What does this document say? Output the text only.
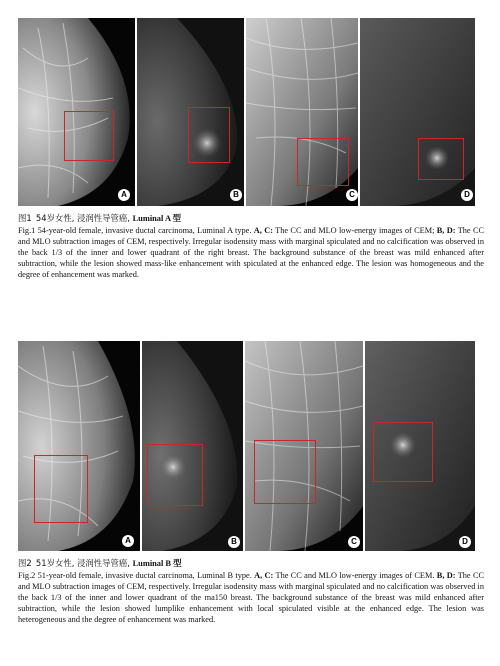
A	B	C	D
图1 54岁女性, 浸润性导管癌, Luminal A 型
Fig.1 54-year-old female, invasive ductal carcinoma, Luminal A type. A, C: The CC and MLO low-energy images of CEM; B, D: The CC and MLO subtraction images of CEM, respectively. Irregular isodensity mass with marginal spiculated and no calcification was observed in the back 1/3 of the inner and lower quadrant of the right breast. The background substance of the breast was mild enhanced after subtraction, while the lesion showed mass-like enhancement with spiculated at the enhanced edge. The lesion was homogeneous and the degree of enhancement was marked.
A	B	C	D
图2 51岁女性, 浸润性导管癌, Luminal B 型
Fig.2 51-year-old female, invasive ductal carcinoma, Luminal B type. A, C: The CC and MLO low-energy images of CEM. B, D: The CC and MLO subtraction images of CEM, respectively. Irregular isodensity mass with marginal spiculated and no calcification was observed in the back 1/3 of the inner and lower quadrant of the ma150 breast. The background substance of the breast was mild enhanced after subtraction, while the lesion showed lumplike enhancement with local spiculated visible at the enhanced edge. The lesion was heterogeneous and the degree of enhancement was marked.
